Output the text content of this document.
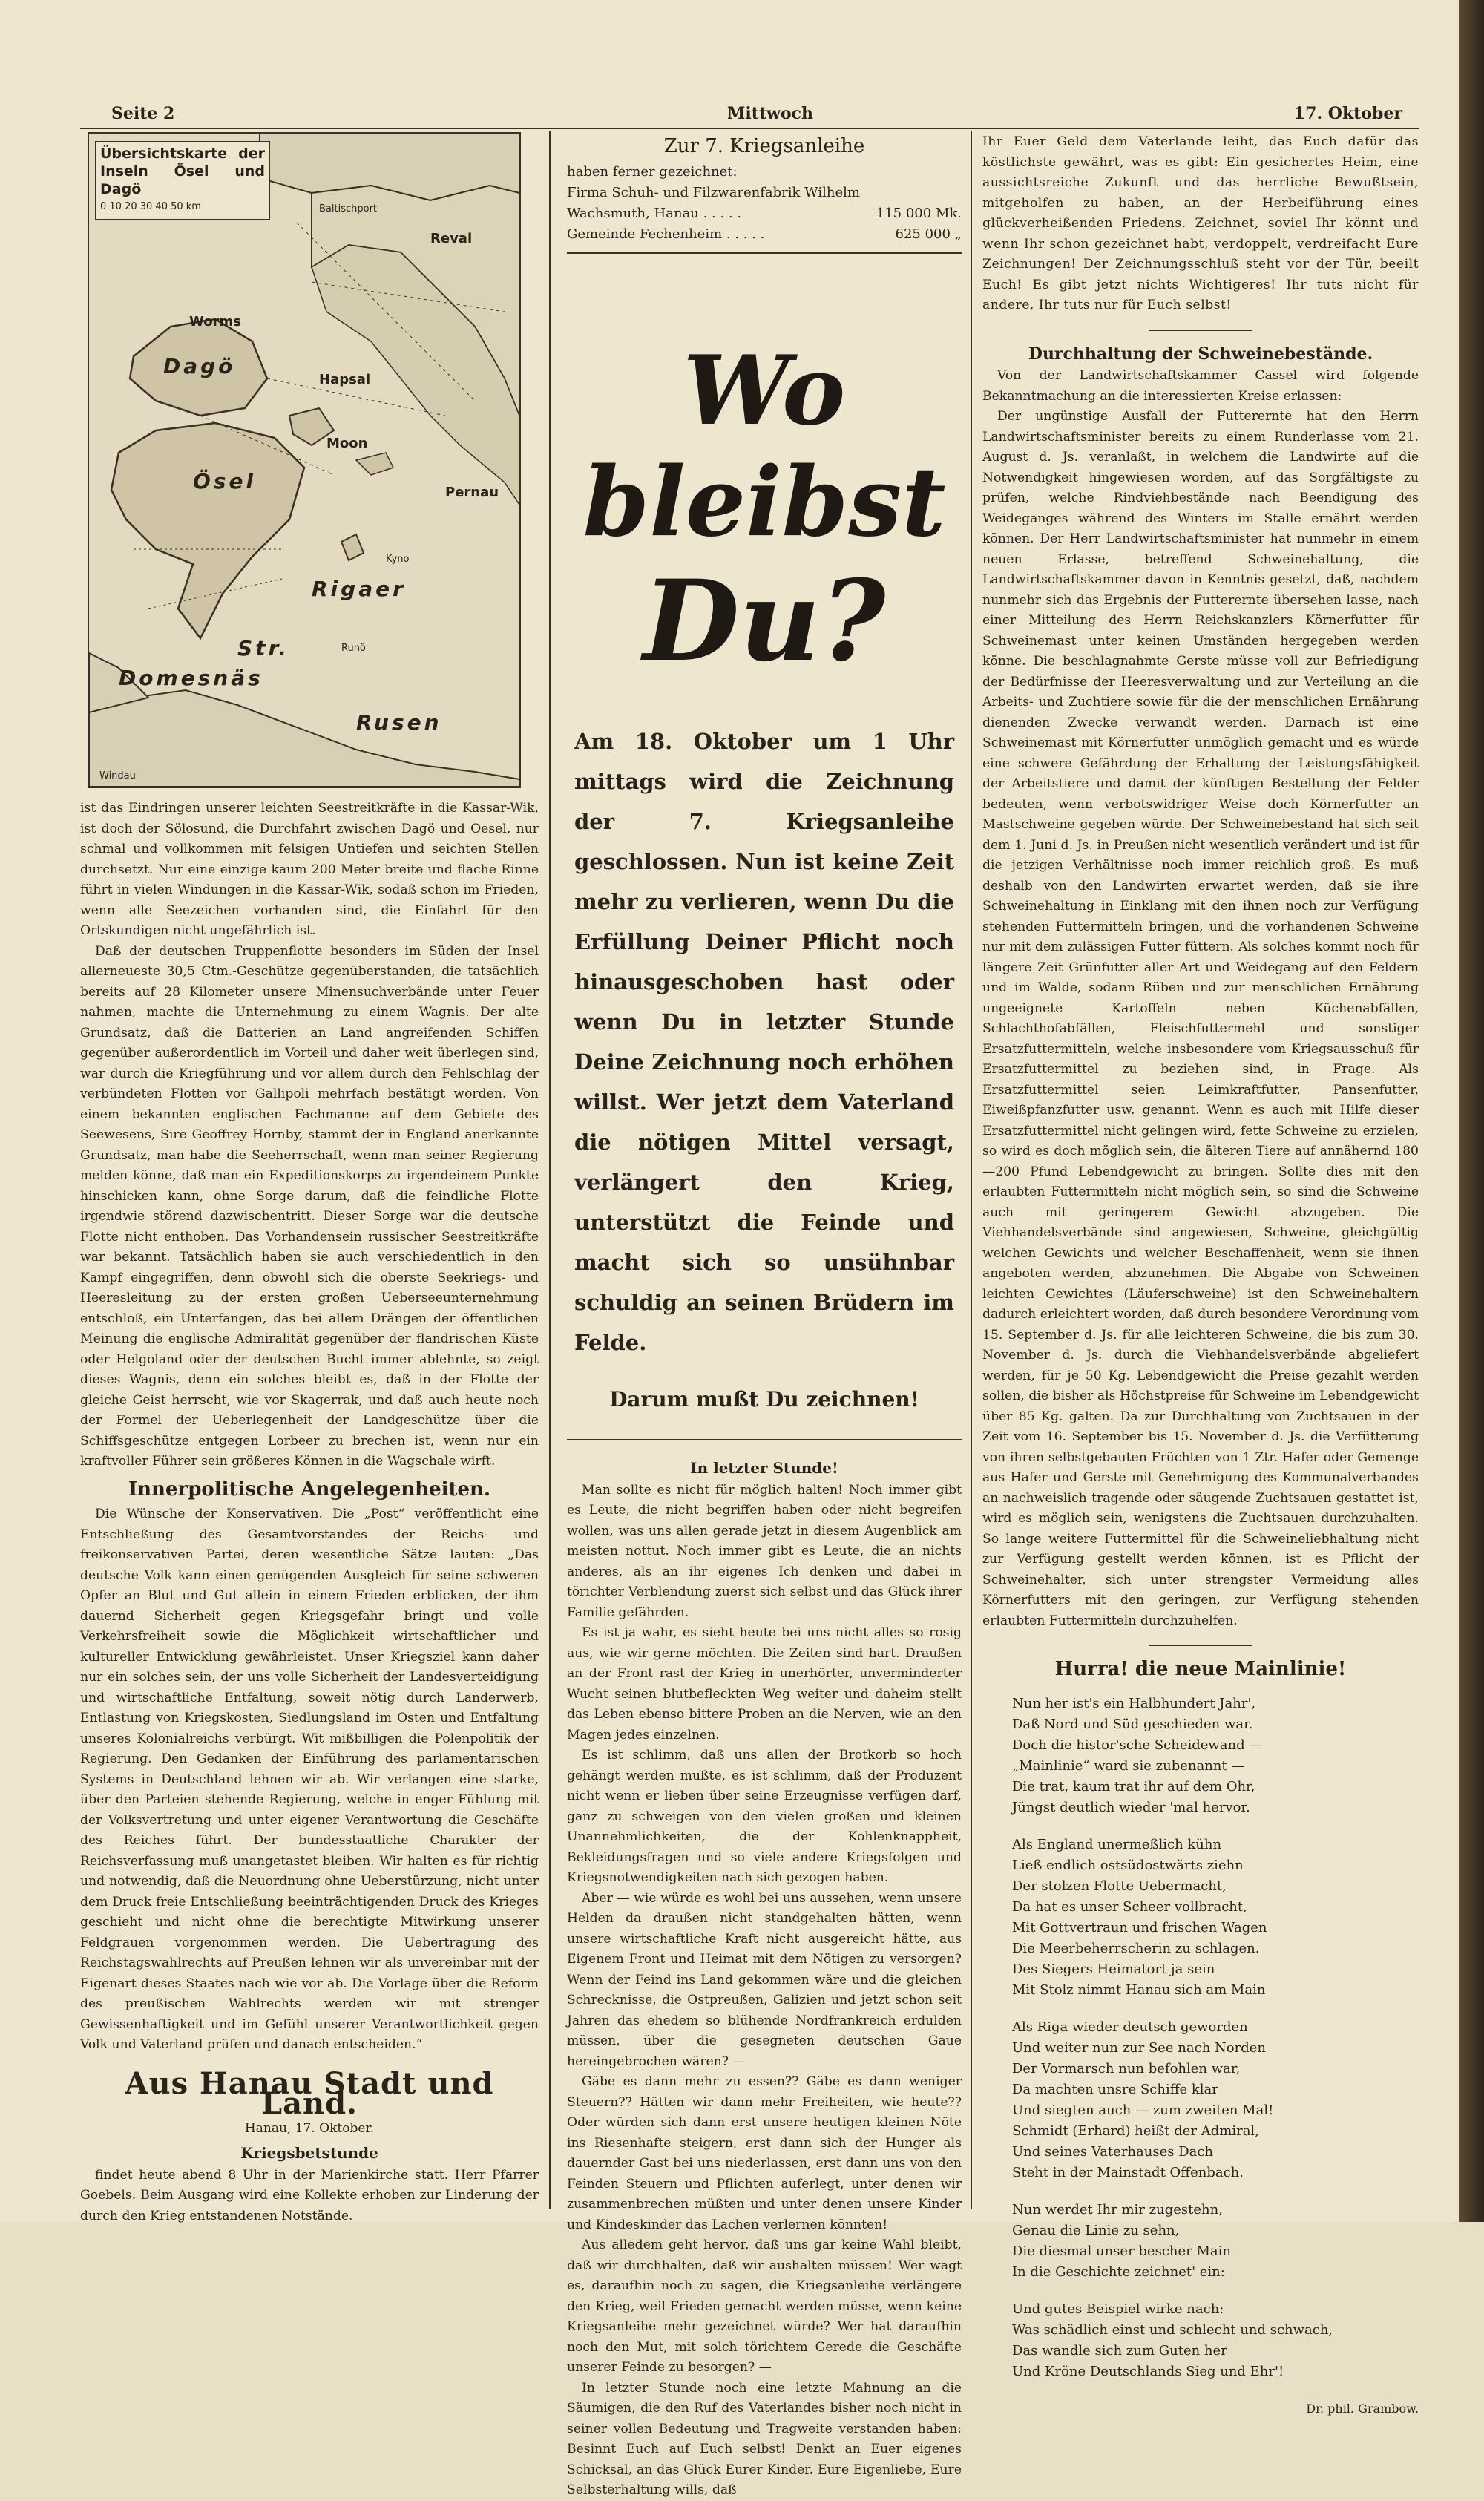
Seite 2	Mittwoch	17. Oktober
Übersichtskarte der Inseln Ösel und Dagö
0 10 20 30 40 50 km
Reval
Baltischport
Worms
Hapsal
Dagö
Moon
Ösel	Pernau
Kyno
Rigaer
Runö
Domesnäs
Str.
Rusen
Windau

ist das Eindringen unserer leichten Seestreitkräfte in die Kassar-Wik, ist doch der Sölosund, die Durchfahrt zwischen Dagö und Oesel, nur schmal und vollkommen mit felsigen Untiefen und seichten Stellen durchsetzt. Nur eine einzige kaum 200 Meter breite und flache Rinne führt in vielen Windungen in die Kassar-Wik, sodaß schon im Frieden, wenn alle Seezeichen vorhanden sind, die Einfahrt für den Ortskundigen nicht ungefährlich ist.

Daß der deutschen Truppenflotte besonders im Süden der Insel allerneueste 30,5 Ctm.-Geschütze gegenüberstanden, die tatsächlich bereits auf 28 Kilometer unsere Minensuchverbände unter Feuer nahmen, machte die Unternehmung zu einem Wagnis. Der alte Grundsatz, daß die Batterien an Land angreifenden Schiffen gegenüber außerordentlich im Vorteil und daher weit überlegen sind, war durch die Kriegführung und vor allem durch den Fehlschlag der verbündeten Flotten vor Gallipoli mehrfach bestätigt worden. Von einem bekannten englischen Fachmanne auf dem Gebiete des Seewesens, Sire Geoffrey Hornby, stammt der in England anerkannte Grundsatz, man habe die Seeherrschaft, wenn man seiner Regierung melden könne, daß man ein Expeditionskorps zu irgendeinem Punkte hinschicken kann, ohne Sorge darum, daß die feindliche Flotte irgendwie störend dazwischentritt. Dieser Sorge war die deutsche Flotte nicht enthoben. Das Vorhandensein russischer Seestreitkräfte war bekannt. Tatsächlich haben sie auch verschiedentlich in den Kampf eingegriffen, denn obwohl sich die oberste Seekriegs- und Heeresleitung zu der ersten großen Ueberseeunternehmung entschloß, ein Unterfangen, das bei allem Drängen der öffentlichen Meinung die englische Admiralität gegenüber der flandrischen Küste oder Helgoland oder der deutschen Bucht immer ablehnte, so zeigt dieses Wagnis, denn ein solches bleibt es, daß in der Flotte der gleiche Geist herrscht, wie vor Skagerrak, und daß auch heute noch der Formel der Ueberlegenheit der Landgeschütze über die Schiffsgeschütze entgegen Lorbeer zu brechen ist, wenn nur ein kraftvoller Führer sein größeres Können in die Wagschale wirft.

Innerpolitische Angelegenheiten.

Die Wünsche der Konservativen. Die „Post“ veröffentlicht eine Entschließung des Gesamtvorstandes der Reichs- und freikonservativen Partei, deren wesentliche Sätze lauten: „Das deutsche Volk kann einen genügenden Ausgleich für seine schweren Opfer an Blut und Gut allein in einem Frieden erblicken, der ihm dauernd Sicherheit gegen Kriegsgefahr bringt und volle Verkehrsfreiheit sowie die Möglichkeit wirtschaftlicher und kultureller Entwicklung gewährleistet. Unser Kriegsziel kann daher nur ein solches sein, der uns volle Sicherheit der Landesverteidigung und wirtschaftliche Entfaltung, soweit nötig durch Landerwerb, Entlastung von Kriegskosten, Siedlungsland im Osten und Entfaltung unseres Kolonialreichs verbürgt. Wit mißbilligen die Polenpolitik der Regierung. Den Gedanken der Einführung des parlamentarischen Systems in Deutschland lehnen wir ab. Wir verlangen eine starke, über den Parteien stehende Regierung, welche in enger Fühlung mit der Volksvertretung und unter eigener Verantwortung die Geschäfte des Reiches führt. Der bundesstaatliche Charakter der Reichsverfassung muß unangetastet bleiben. Wir halten es für richtig und notwendig, daß die Neuordnung ohne Ueberstürzung, nicht unter dem Druck freie Entschließung beeinträchtigenden Druck des Krieges geschieht und nicht ohne die berechtigte Mitwirkung unserer Feldgrauen vorgenommen werden. Die Uebertragung des Reichstagswahlrechts auf Preußen lehnen wir als unvereinbar mit der Eigenart dieses Staates nach wie vor ab. Die Vorlage über die Reform des preußischen Wahlrechts werden wir mit strenger Gewissenhaftigkeit und im Gefühl unserer Verantwortlichkeit gegen Volk und Vaterland prüfen und danach entscheiden.“

Aus Hanau Stadt und Land.
Hanau, 17. Oktober.
Kriegsbetstunde

findet heute abend 8 Uhr in der Marienkirche statt. Herr Pfarrer Goebels. Beim Ausgang wird eine Kollekte erhoben zur Linderung der durch den Krieg entstandenen Notstände.

Zur 7. Kriegsanleihe
haben ferner gezeichnet:
Firma Schuh- und Filzwarenfabrik Wilhelm
Wachsmuth, Hanau . . . . .	115 000 Mk.
Gemeinde Fechenheim . . . . .	625 000 „
Wo
bleibst
Du?
Am 18. Oktober um 1 Uhr mittags wird die Zeichnung der 7. Kriegsanleihe geschlossen. Nun ist keine Zeit mehr zu verlieren, wenn Du die Erfüllung Deiner Pflicht noch hinausgeschoben hast oder wenn Du in letzter Stunde Deine Zeichnung noch erhöhen willst. Wer jetzt dem Vaterland die nötigen Mittel versagt, verlängert den Krieg, unterstützt die Feinde und macht sich so unsühnbar schuldig an seinen Brüdern im Felde.
Darum mußt Du zeichnen!
In letzter Stunde!

Man sollte es nicht für möglich halten! Noch immer gibt es Leute, die nicht begriffen haben oder nicht begreifen wollen, was uns allen gerade jetzt in diesem Augenblick am meisten nottut. Noch immer gibt es Leute, die an nichts anderes, als an ihr eigenes Ich denken und dabei in törichter Verblendung zuerst sich selbst und das Glück ihrer Familie gefährden.

Es ist ja wahr, es sieht heute bei uns nicht alles so rosig aus, wie wir gerne möchten. Die Zeiten sind hart. Draußen an der Front rast der Krieg in unerhörter, unverminderter Wucht seinen blutbefleckten Weg weiter und daheim stellt das Leben ebenso bittere Proben an die Nerven, wie an den Magen jedes einzelnen.

Es ist schlimm, daß uns allen der Brotkorb so hoch gehängt werden mußte, es ist schlimm, daß der Produzent nicht wenn er lieben über seine Erzeugnisse verfügen darf, ganz zu schweigen von den vielen großen und kleinen Unannehmlichkeiten, die der Kohlenknappheit, Bekleidungsfragen und so viele andere Kriegsfolgen und Kriegsnotwendigkeiten nach sich gezogen haben.

Aber — wie würde es wohl bei uns aussehen, wenn unsere Helden da draußen nicht standgehalten hätten, wenn unsere wirtschaftliche Kraft nicht ausgereicht hätte, aus Eigenem Front und Heimat mit dem Nötigen zu versorgen? Wenn der Feind ins Land gekommen wäre und die gleichen Schrecknisse, die Ostpreußen, Galizien und jetzt schon seit Jahren das ehedem so blühende Nordfrankreich erdulden müssen, über die gesegneten deutschen Gaue hereingebrochen wären? —

Gäbe es dann mehr zu essen?? Gäbe es dann weniger Steuern?? Hätten wir dann mehr Freiheiten, wie heute?? Oder würden sich dann erst unsere heutigen kleinen Nöte ins Riesenhafte steigern, erst dann sich der Hunger als dauernder Gast bei uns niederlassen, erst dann uns von den Feinden Steuern und Pflichten auferlegt, unter denen wir zusammenbrechen müßten und unter denen unsere Kinder und Kindeskinder das Lachen verlernen könnten!

Aus alledem geht hervor, daß uns gar keine Wahl bleibt, daß wir durchhalten, daß wir aushalten müssen! Wer wagt es, daraufhin noch zu sagen, die Kriegsanleihe verlängere den Krieg, weil Frieden gemacht werden müsse, wenn keine Kriegsanleihe mehr gezeichnet würde? Wer hat daraufhin noch den Mut, mit solch törichtem Gerede die Geschäfte unserer Feinde zu besorgen? —

In letzter Stunde noch eine letzte Mahnung an die Säumigen, die den Ruf des Vaterlandes bisher noch nicht in seiner vollen Bedeutung und Tragweite verstanden haben: Besinnt Euch auf Euch selbst! Denkt an Euer eigenes Schicksal, an das Glück Eurer Kinder. Eure Eigenliebe, Eure Selbsterhaltung wills, daß

Ihr Euer Geld dem Vaterlande leiht, das Euch dafür das köstlichste gewährt, was es gibt: Ein gesichertes Heim, eine aussichtsreiche Zukunft und das herrliche Bewußtsein, mitgeholfen zu haben, an der Herbeiführung eines glückverheißenden Friedens. Zeichnet, soviel Ihr könnt und wenn Ihr schon gezeichnet habt, verdoppelt, verdreifacht Eure Zeichnungen! Der Zeichnungsschluß steht vor der Tür, beeilt Euch! Es gibt jetzt nichts Wichtigeres! Ihr tuts nicht für andere, Ihr tuts nur für Euch selbst!

Durchhaltung der Schweinebestände.

Von der Landwirtschaftskammer Cassel wird folgende Bekanntmachung an die interessierten Kreise erlassen:

Der ungünstige Ausfall der Futterernte hat den Herrn Landwirtschaftsminister bereits zu einem Runderlasse vom 21. August d. Js. veranlaßt, in welchem die Landwirte auf die Notwendigkeit hingewiesen worden, auf das Sorgfältigste zu prüfen, welche Rindviehbestände nach Beendigung des Weideganges während des Winters im Stalle ernährt werden können. Der Herr Landwirtschaftsminister hat nunmehr in einem neuen Erlasse, betreffend Schweinehaltung, die Landwirtschaftskammer davon in Kenntnis gesetzt, daß, nachdem nunmehr sich das Ergebnis der Futterernte übersehen lasse, nach einer Mitteilung des Herrn Reichskanzlers Körnerfutter für Schweinemast unter keinen Umständen hergegeben werden könne. Die beschlagnahmte Gerste müsse voll zur Befriedigung der Bedürfnisse der Heeresverwaltung und zur Verteilung an die Arbeits- und Zuchtiere sowie für die der menschlichen Ernährung dienenden Zwecke verwandt werden. Darnach ist eine Schweinemast mit Körnerfutter unmöglich gemacht und es würde eine schwere Gefährdung der Erhaltung der Leistungsfähigkeit der Arbeitstiere und damit der künftigen Bestellung der Felder bedeuten, wenn verbotswidriger Weise doch Körnerfutter an Mastschweine gegeben würde. Der Schweinebestand hat sich seit dem 1. Juni d. Js. in Preußen nicht wesentlich verändert und ist für die jetzigen Verhältnisse noch immer reichlich groß. Es muß deshalb von den Landwirten erwartet werden, daß sie ihre Schweinehaltung in Einklang mit den ihnen noch zur Verfügung stehenden Futtermitteln bringen, und die vorhandenen Schweine nur mit dem zulässigen Futter füttern. Als solches kommt noch für längere Zeit Grünfutter aller Art und Weidegang auf den Feldern und im Walde, sodann Rüben und zur menschlichen Ernährung ungeeignete Kartoffeln neben Küchenabfällen, Schlachthofabfällen, Fleischfuttermehl und sonstiger Ersatzfuttermitteln, welche insbesondere vom Kriegsausschuß für Ersatzfuttermittel zu beziehen sind, in Frage. Als Ersatzfuttermittel seien Leimkraftfutter, Pansenfutter, Eiweißpfanzfutter usw. genannt. Wenn es auch mit Hilfe dieser Ersatzfuttermittel nicht gelingen wird, fette Schweine zu erzielen, so wird es doch möglich sein, die älteren Tiere auf annähernd 180—200 Pfund Lebendgewicht zu bringen. Sollte dies mit den erlaubten Futtermitteln nicht möglich sein, so sind die Schweine auch mit geringerem Gewicht abzugeben. Die Viehhandelsverbände sind angewiesen, Schweine, gleichgültig welchen Gewichts und welcher Beschaffenheit, wenn sie ihnen angeboten werden, abzunehmen. Die Abgabe von Schweinen leichten Gewichtes (Läuferschweine) ist den Schweinehaltern dadurch erleichtert worden, daß durch besondere Verordnung vom 15. September d. Js. für alle leichteren Schweine, die bis zum 30. November d. Js. durch die Viehhandelsverbände abgeliefert werden, für je 50 Kg. Lebendgewicht die Preise gezahlt werden sollen, die bisher als Höchstpreise für Schweine im Lebendgewicht über 85 Kg. galten. Da zur Durchhaltung von Zuchtsauen in der Zeit vom 16. September bis 15. November d. Js. die Verfütterung von ihren selbstgebauten Früchten von 1 Ztr. Hafer oder Gemenge aus Hafer und Gerste mit Genehmigung des Kommunalverbandes an nachweislich tragende oder säugende Zuchtsauen gestattet ist, wird es möglich sein, wenigstens die Zuchtsauen durchzuhalten. So lange weitere Futtermittel für die Schweineliebhaltung nicht zur Verfügung gestellt werden können, ist es Pflicht der Schweinehalter, sich unter strengster Vermeidung alles Körnerfutters mit den geringen, zur Verfügung stehenden erlaubten Futtermitteln durchzuhelfen.

Hurra! die neue Mainlinie!
Nun her ist's ein Halbhundert Jahr',
Daß Nord und Süd geschieden war.
Doch die histor'sche Scheidewand —
„Mainlinie“ ward sie zubenannt —
Die trat, kaum trat ihr auf dem Ohr,
Jüngst deutlich wieder 'mal hervor.
Als England unermeßlich kühn
Ließ endlich ostsüdostwärts ziehn
Der stolzen Flotte Uebermacht,
Da hat es unser Scheer vollbracht,
Mit Gottvertraun und frischen Wagen
Die Meerbeherrscherin zu schlagen.
Des Siegers Heimatort ja sein
Mit Stolz nimmt Hanau sich am Main
Als Riga wieder deutsch geworden
Und weiter nun zur See nach Norden
Der Vormarsch nun befohlen war,
Da machten unsre Schiffe klar
Und siegten auch — zum zweiten Mal!
Schmidt (Erhard) heißt der Admiral,
Und seines Vaterhauses Dach
Steht in der Mainstadt Offenbach.
Nun werdet Ihr mir zugestehn,
Genau die Linie zu sehn,
Die diesmal unser bescher Main
In die Geschichte zeichnet' ein:
Und gutes Beispiel wirke nach:
Was schädlich einst und schlecht und schwach,
Das wandle sich zum Guten her
Und Kröne Deutschlands Sieg und Ehr'!
Dr. phil. Grambow.
